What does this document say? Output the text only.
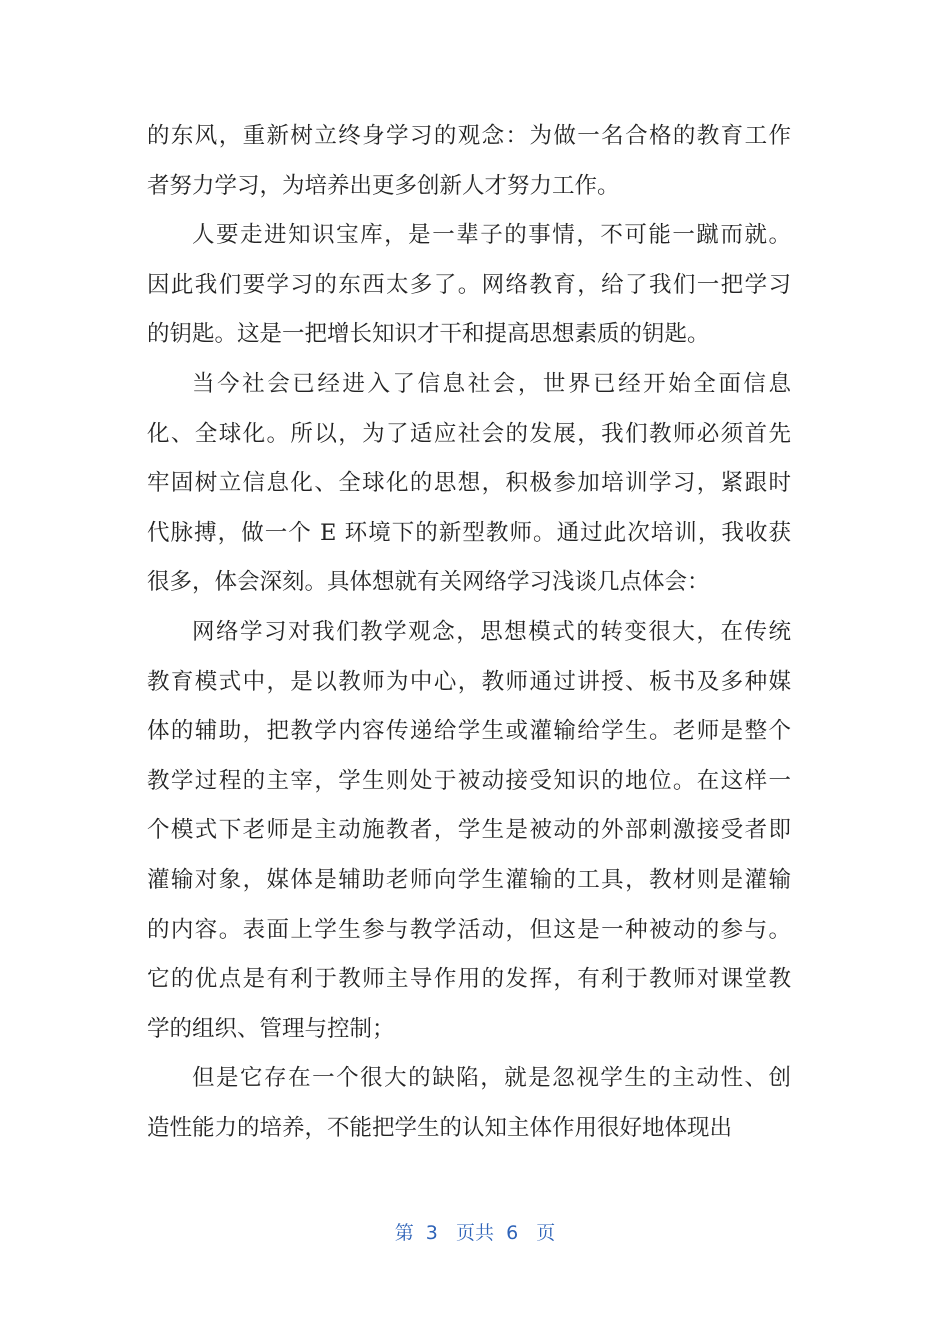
的东风，重新树立终身学习的观念：为做一名合格的教育工作
者努力学习，为培养出更多创新人才努力工作。
人要走进知识宝库，是一辈子的事情，不可能一蹴而就。
因此我们要学习的东西太多了。网络教育，给了我们一把学习
的钥匙。这是一把增长知识才干和提高思想素质的钥匙。
当今社会已经进入了信息社会，世界已经开始全面信息
化、全球化。所以，为了适应社会的发展，我们教师必须首先
牢固树立信息化、全球化的思想，积极参加培训学习，紧跟时
代脉搏，做一个 E 环境下的新型教师。通过此次培训，我收获
很多，体会深刻。具体想就有关网络学习浅谈几点体会：
网络学习对我们教学观念，思想模式的转变很大，在传统
教育模式中，是以教师为中心，教师通过讲授、板书及多种媒
体的辅助，把教学内容传递给学生或灌输给学生。老师是整个
教学过程的主宰，学生则处于被动接受知识的地位。在这样一
个模式下老师是主动施教者，学生是被动的外部刺激接受者即
灌输对象，媒体是辅助老师向学生灌输的工具，教材则是灌输
的内容。表面上学生参与教学活动，但这是一种被动的参与。
它的优点是有利于教师主导作用的发挥，有利于教师对课堂教
学的组织、管理与控制；
但是它存在一个很大的缺陷，就是忽视学生的主动性、创
造性能力的培养，不能把学生的认知主体作用很好地体现出
第  3   页共  6   页
